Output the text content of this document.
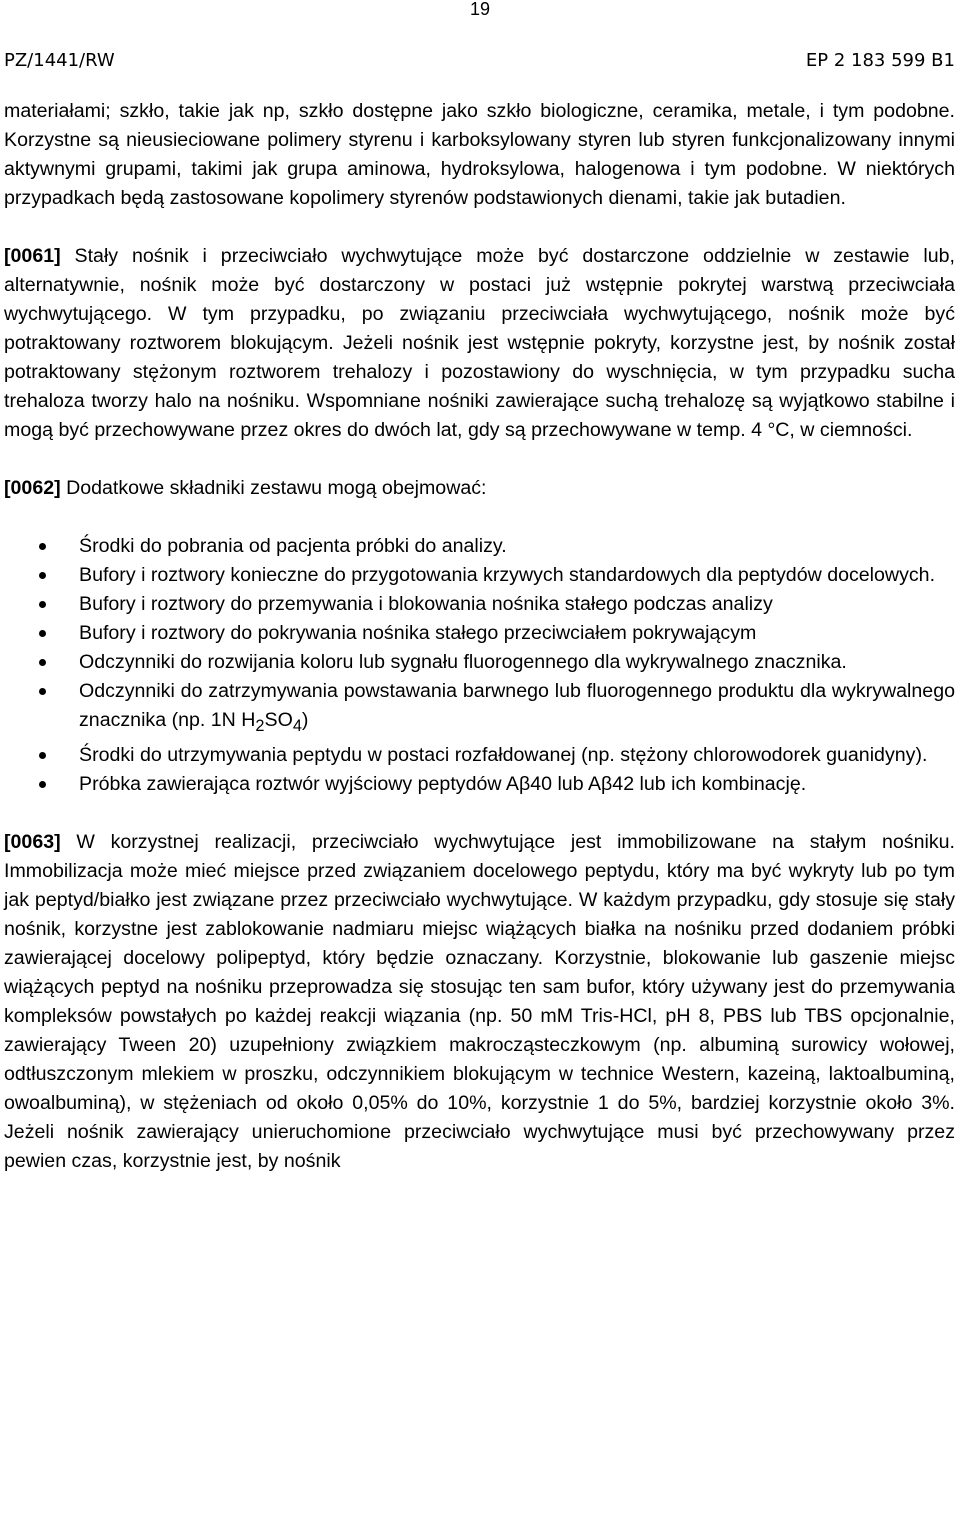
19
PZ/1441/RW	EP 2 183 599 B1

materiałami; szkło, takie jak np, szkło dostępne jako szkło biologiczne, ceramika, metale, i tym podobne. Korzystne są nieusieciowane polimery styrenu i karboksylowany styren lub styren funkcjonalizowany innymi aktywnymi grupami, takimi jak grupa aminowa, hydroksylowa, halogenowa i tym podobne. W niektórych przypadkach będą zastosowane kopolimery styrenów podstawionych dienami, takie jak butadien.

[0061] Stały nośnik i przeciwciało wychwytujące może być dostarczone oddzielnie w zestawie lub, alternatywnie, nośnik może być dostarczony w postaci już wstępnie pokrytej warstwą przeciwciała wychwytującego. W tym przypadku, po związaniu przeciwciała wychwytującego, nośnik może być potraktowany roztworem blokującym. Jeżeli nośnik jest wstępnie pokryty, korzystne jest, by nośnik został potraktowany stężonym roztworem trehalozy i pozostawiony do wyschnięcia, w tym przypadku sucha trehaloza tworzy halo na nośniku. Wspomniane nośniki zawierające suchą trehalozę są wyjątkowo stabilne i mogą być przechowywane przez okres do dwóch lat, gdy są przechowywane w temp. 4 °C, w ciemności.

[0062] Dodatkowe składniki zestawu mogą obejmować:

Środki do pobrania od pacjenta próbki do analizy.
Bufory i roztwory konieczne do przygotowania krzywych standardowych dla peptydów docelowych.
Bufory i roztwory do przemywania i blokowania nośnika stałego podczas analizy
Bufory i roztwory do pokrywania nośnika stałego przeciwciałem pokrywającym
Odczynniki do rozwijania koloru lub sygnału fluorogennego dla wykrywalnego znacznika.
Odczynniki do zatrzymywania powstawania barwnego lub fluorogennego produktu dla wykrywalnego znacznika (np. 1N $H_2SO_4$)
Środki do utrzymywania peptydu w postaci rozfałdowanej (np. stężony chlorowodorek guanidyny).
Próbka zawierająca roztwór wyjściowy peptydów Aβ40 lub Aβ42 lub ich kombinację.

[0063] W korzystnej realizacji, przeciwciało wychwytujące jest immobilizowane na stałym nośniku. Immobilizacja może mieć miejsce przed związaniem docelowego peptydu, który ma być wykryty lub po tym jak peptyd/białko jest związane przez przeciwciało wychwytujące. W każdym przypadku, gdy stosuje się stały nośnik, korzystne jest zablokowanie nadmiaru miejsc wiążących białka na nośniku przed dodaniem próbki zawierającej docelowy polipeptyd, który będzie oznaczany. Korzystnie, blokowanie lub gaszenie miejsc wiążących peptyd na nośniku przeprowadza się stosując ten sam bufor, który używany jest do przemywania kompleksów powstałych po każdej reakcji wiązania (np. 50 mM Tris-HCl, pH 8, PBS lub TBS opcjonalnie, zawierający Tween 20) uzupełniony związkiem makrocząsteczkowym (np. albuminą surowicy wołowej, odtłuszczonym mlekiem w proszku, odczynnikiem blokującym w technice Western, kazeiną, laktoalbuminą, owoalbuminą), w stężeniach od około 0,05% do 10%, korzystnie 1 do 5%, bardziej korzystnie około 3%. Jeżeli nośnik zawierający unieruchomione przeciwciało wychwytujące musi być przechowywany przez pewien czas, korzystnie jest, by nośnik
